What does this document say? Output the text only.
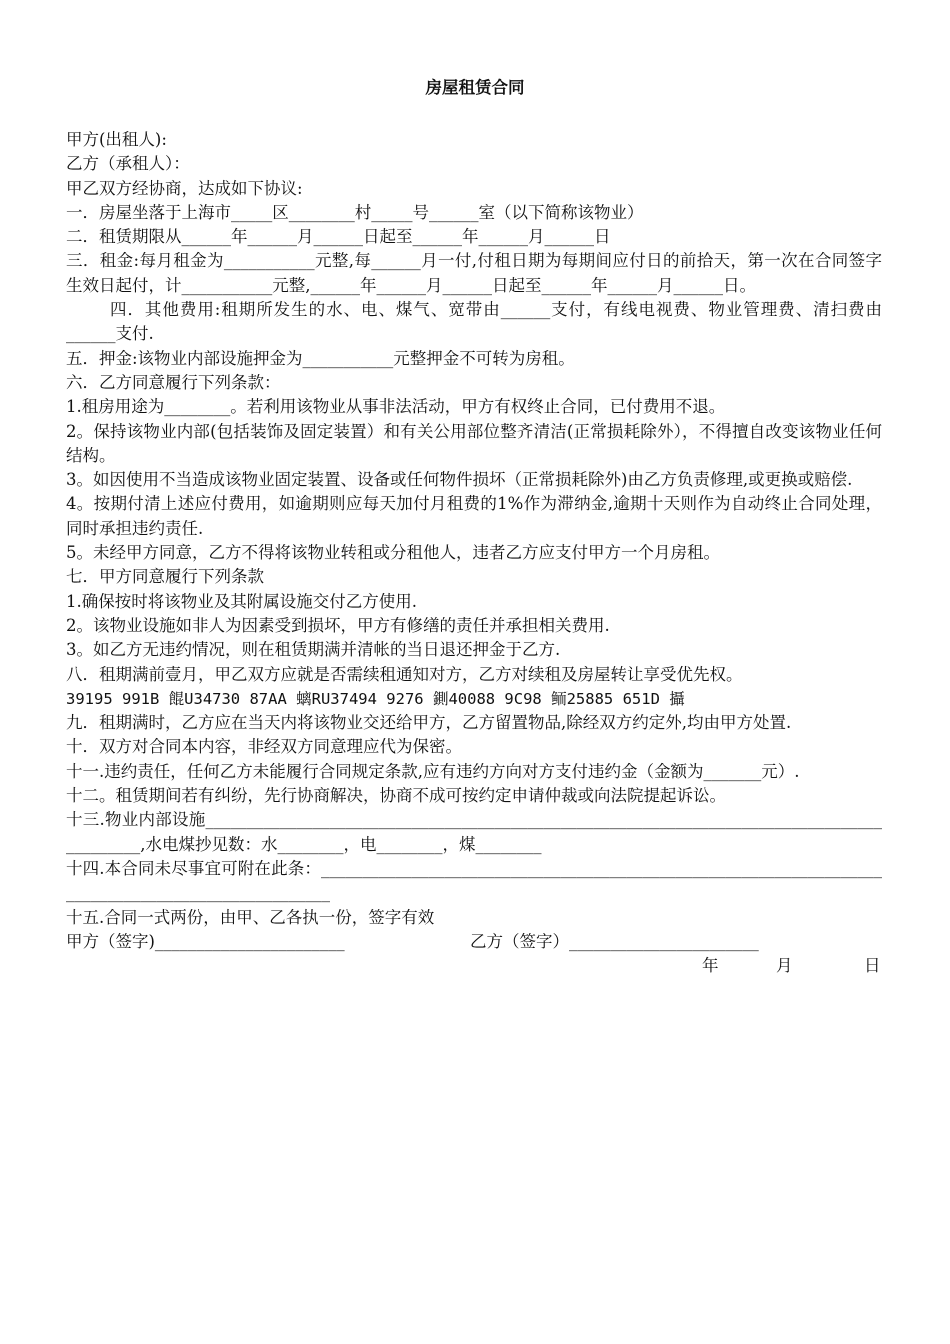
房屋租赁合同
甲方(出租人):
乙方（承租人）：
甲乙双方经协商，达成如下协议:
一．房屋坐落于上海市_____区________村_____号______室（以下简称该物业）
二．租赁期限从______年______月______日起至______年______月______日
三．租金:每月租金为___________元整,每______月一付,付租日期为每期间应付日的前拾天，第一次在合同签字生效日起付，计___________元整,______年______月______日起至______年______月______日。
四．其他费用:租期所发生的水、电、煤气、宽带由______支付，有线电视费、物业管理费、清扫费由______支付.
五．押金:该物业内部设施押金为___________元整押金不可转为房租。
六．乙方同意履行下列条款：
1.租房用途为________。若利用该物业从事非法活动，甲方有权终止合同，已付费用不退。
2。保持该物业内部(包括装饰及固定装置）和有关公用部位整齐清洁(正常损耗除外），不得擅自改变该物业任何结构。
3。如因使用不当造成该物业固定装置、设备或任何物件损坏（正常损耗除外)由乙方负责修理,或更换或赔偿.
4。按期付清上述应付费用，如逾期则应每天加付月租费的1%作为滞纳金,逾期十天则作为自动终止合同处理，同时承担违约责任.
5。未经甲方同意，乙方不得将该物业转租或分租他人，违者乙方应支付甲方一个月房租。
七．甲方同意履行下列条款
1.确保按时将该物业及其附属设施交付乙方使用.
2。该物业设施如非人为因素受到损坏，甲方有修缮的责任并承担相关费用.
3。如乙方无违约情况，则在租赁期满并清帐的当日退还押金于乙方.
八．租期满前壹月，甲乙双方应就是否需续租通知对方，乙方对续租及房屋转让享受优先权。
39195 991B 餛U34730 87AA 螭RU37494 9276 鍘40088 9C98 鲕25885 651D 攝
九．租期满时，乙方应在当天内将该物业交还给甲方，乙方留置物品,除经双方约定外,均由甲方处置.
十．双方对合同本内容，非经双方同意理应代为保密。
十一.违约责任，任何乙方未能履行合同规定条款,应有违约方向对方支付违约金（金额为_______元）.
十二。租赁期间若有纠纷，先行协商解决，协商不成可按约定申请仲裁或向法院提起诉讼。
十三.物业内部设施___________________________________________________________________________________________,水电煤抄见数：水________，电________，煤________
十四.本合同未尽事宜可附在此条：____________________________________________________________________________________________________
十五.合同一式两份，由甲、乙各执一份，签字有效
甲方（签字)_______________________	乙方（签字）_______________________
年	月	日
